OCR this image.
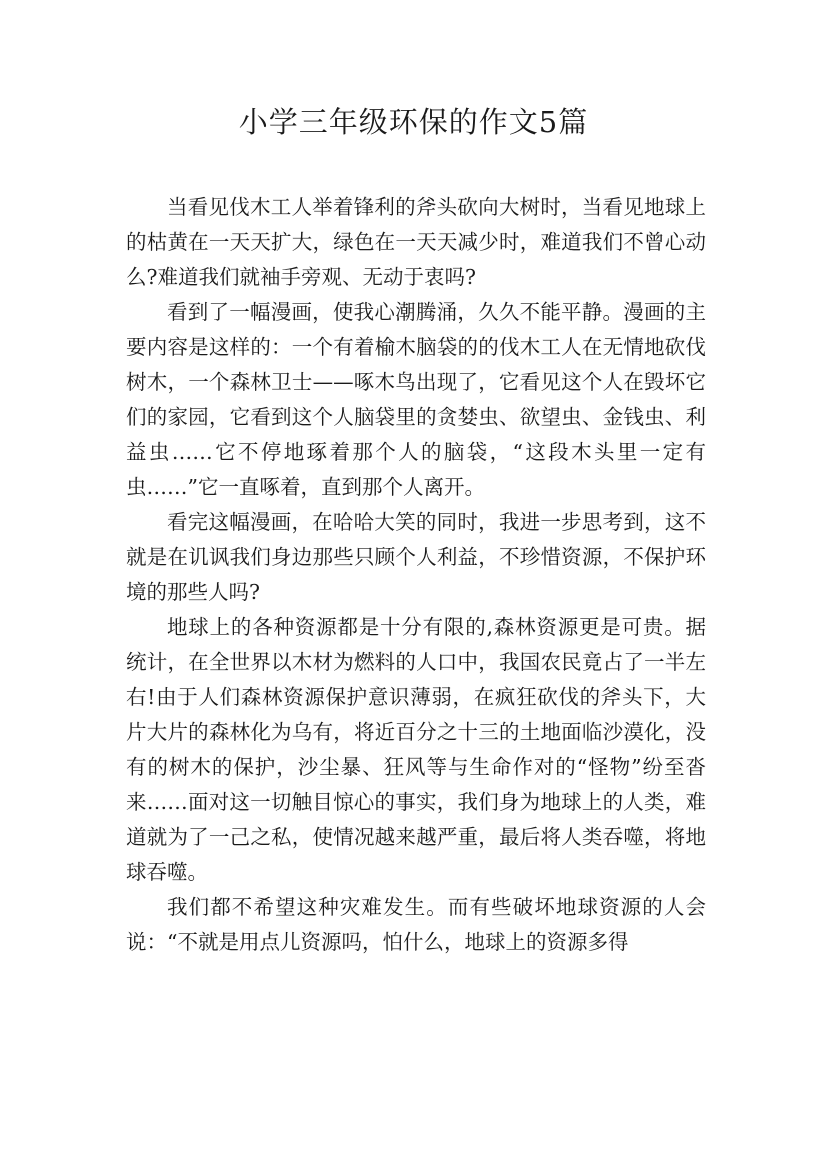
小学三年级环保的作文5篇

当看见伐木工人举着锋利的斧头砍向大树时，当看见地球上的枯黄在一天天扩大，绿色在一天天减少时，难道我们不曾心动么?难道我们就袖手旁观、无动于衷吗?

看到了一幅漫画，使我心潮腾涌，久久不能平静。漫画的主要内容是这样的：一个有着榆木脑袋的的伐木工人在无情地砍伐树木，一个森林卫士——啄木鸟出现了，它看见这个人在毁坏它们的家园，它看到这个人脑袋里的贪婪虫、欲望虫、金钱虫、利益虫……它不停地琢着那个人的脑袋，“这段木头里一定有虫……”它一直啄着，直到那个人离开。

看完这幅漫画，在哈哈大笑的同时，我进一步思考到，这不就是在讥讽我们身边那些只顾个人利益，不珍惜资源，不保护环境的那些人吗?

地球上的各种资源都是十分有限的,森林资源更是可贵。据统计，在全世界以木材为燃料的人口中，我国农民竟占了一半左右!由于人们森林资源保护意识薄弱，在疯狂砍伐的斧头下，大片大片的森林化为乌有，将近百分之十三的土地面临沙漠化，没有的树木的保护，沙尘暴、狂风等与生命作对的“怪物”纷至沓来……面对这一切触目惊心的事实，我们身为地球上的人类，难道就为了一己之私，使情况越来越严重，最后将人类吞噬，将地球吞噬。

我们都不希望这种灾难发生。而有些破坏地球资源的人会说：“不就是用点儿资源吗，怕什么，地球上的资源多得
